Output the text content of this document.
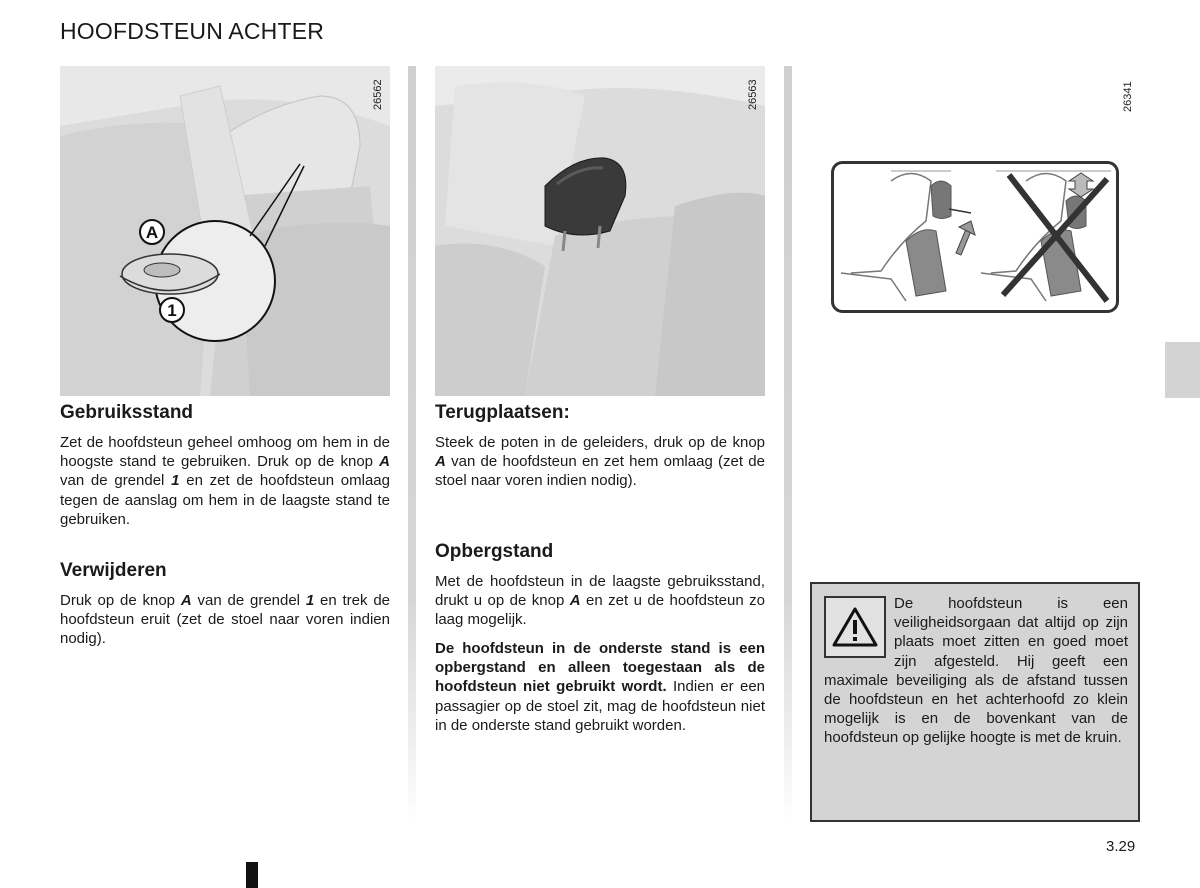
HOOFDSTEUN ACHTER
A
1
26562	26563	26341
Gebruiksstand

Zet de hoofdsteun geheel omhoog om hem in de hoogste stand te gebruiken. Druk op de knop A van de grendel 1 en zet de hoofdsteun omlaag tegen de aanslag om hem in de laagste stand te gebruiken.

Verwijderen

Druk op de knop A van de grendel 1 en trek de hoofdsteun eruit (zet de stoel naar voren indien nodig).

Terugplaatsen:

Steek de poten in de geleiders, druk op de knop A van de hoofdsteun en zet hem omlaag (zet de stoel naar voren indien nodig).

Opbergstand

Met de hoofdsteun in de laagste gebruiksstand, drukt u op de knop A en zet u de hoofdsteun zo laag mogelijk.

De hoofdsteun in de onderste stand is een opbergstand en alleen toegestaan als de hoofdsteun niet gebruikt wordt. Indien er een passagier op de stoel zit, mag de hoofdsteun niet in de onderste stand gebruikt worden.

De hoofdsteun is een veiligheidsorgaan dat altijd op zijn plaats moet zitten en goed moet zijn afgesteld. Hij geeft een maximale beveiliging als de afstand tussen de hoofdsteun en het achterhoofd zo klein mogelijk is en de bovenkant van de hoofdsteun op gelijke hoogte is met de kruin.

3.29
